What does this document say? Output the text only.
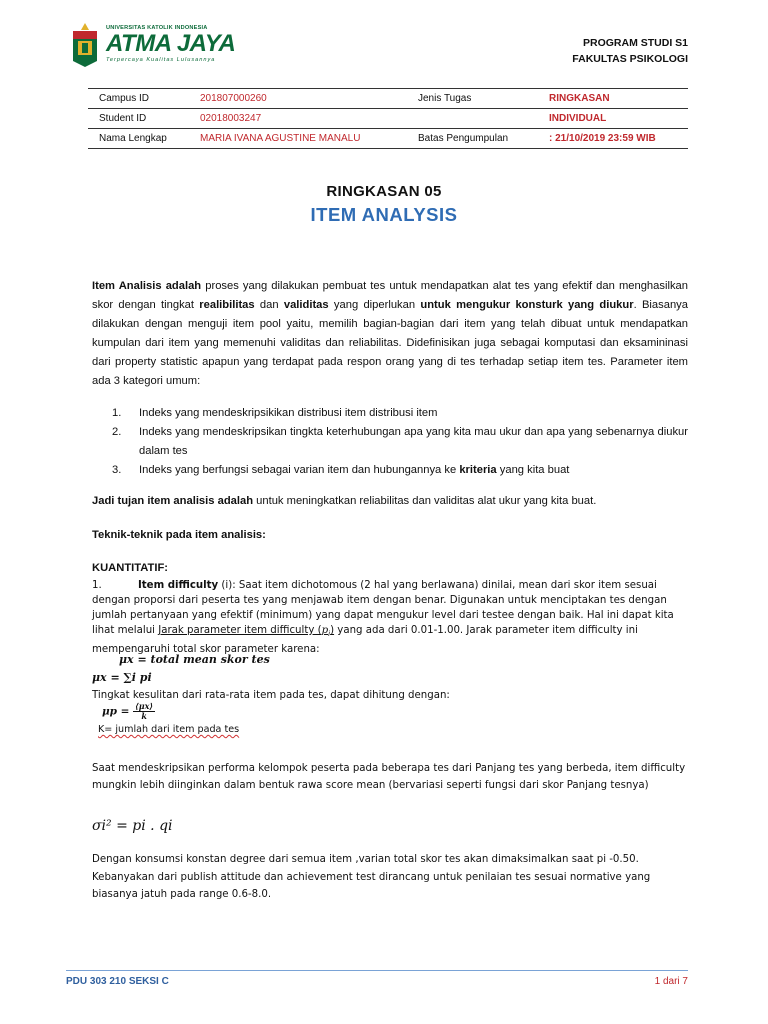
UNIVERSITAS KATOLIK INDONESIA
ATMA JAYA
Terpercaya Kualitas Lulusannya
PROGRAM STUDI S1
FAKULTAS PSIKOLOGI
Campus ID	201807000260	Jenis Tugas	RINGKASAN
Student ID	02018003247		INDIVIDUAL
Nama Lengkap	MARIA IVANA AGUSTINE MANALU	Batas Pengumpulan	: 21/10/2019 23:59 WIB
RINGKASAN 05
ITEM ANALYSIS
Item Analisis adalah proses yang dilakukan pembuat tes untuk mendapatkan alat tes yang efektif dan menghasilkan skor dengan tingkat realibilitas dan validitas yang diperlukan untuk mengukur konsturk yang diukur. Biasanya dilakukan dengan menguji item pool yaitu, memilih bagian-bagian dari item yang telah dibuat untuk mendapatkan kumpulan dari item yang memenuhi validitas dan reliabilitas. Didefinisikan juga sebagai komputasi dan eksamininasi dari property statistic apapun yang terdapat pada respon orang yang di tes terhadap setiap item tes. Parameter item ada 3 kategori umum:
1. Indeks yang mendeskripsikikan distribusi item distribusi item
2. Indeks yang mendeskripsikan tingkta keterhubungan apa yang kita mau ukur dan apa yang sebenarnya diukur dalam tes
3. Indeks yang berfungsi sebagai varian item dan hubungannya ke kriteria yang kita buat
Jadi tujan item analisis adalah untuk meningkatkan reliabilitas dan validitas alat ukur yang kita buat.
Teknik-teknik pada item analisis:
KUANTITATIF:
1.	Item difficulty (i): Saat item dichotomous (2 hal yang berlawana) dinilai, mean dari skor item sesuai dengan proporsi dari peserta tes yang menjawab item dengan benar. Digunakan untuk menciptakan tes dengan jumlah pertanyaan yang efektif (minimum) yang dapat mengukur level dari testee dengan baik. Hal ini dapat kita lihat melalui Jarak parameter item difficulty $(p_i)$ yang ada dari 0.01-1.00. Jarak parameter item difficulty ini mempengaruhi total skor parameter karena:
μx = total mean skor tes
μx = ∑i pi
Tingkat kesulitan dari rata-rata item pada tes, dapat dihitung dengan:
$\mu p = \frac{⟨\mu x⟩}{k}$
K= jumlah dari item pada tes
Saat mendeskripsikan performa kelompok peserta pada beberapa tes dari Panjang tes yang berbeda, item difficulty mungkin lebih diinginkan dalam bentuk rawa score mean (bervariasi seperti fungsi dari skor Panjang tesnya)
σi² = pi . qi
Dengan konsumsi konstan degree dari semua item ,varian total skor tes akan dimaksimalkan saat pi -0.50. Kebanyakan dari publish attitude dan achievement test dirancang untuk penilaian tes sesuai normative yang biasanya jatuh pada range 0.6-8.0.
PDU 303 210 SEKSI C	1 dari 7
